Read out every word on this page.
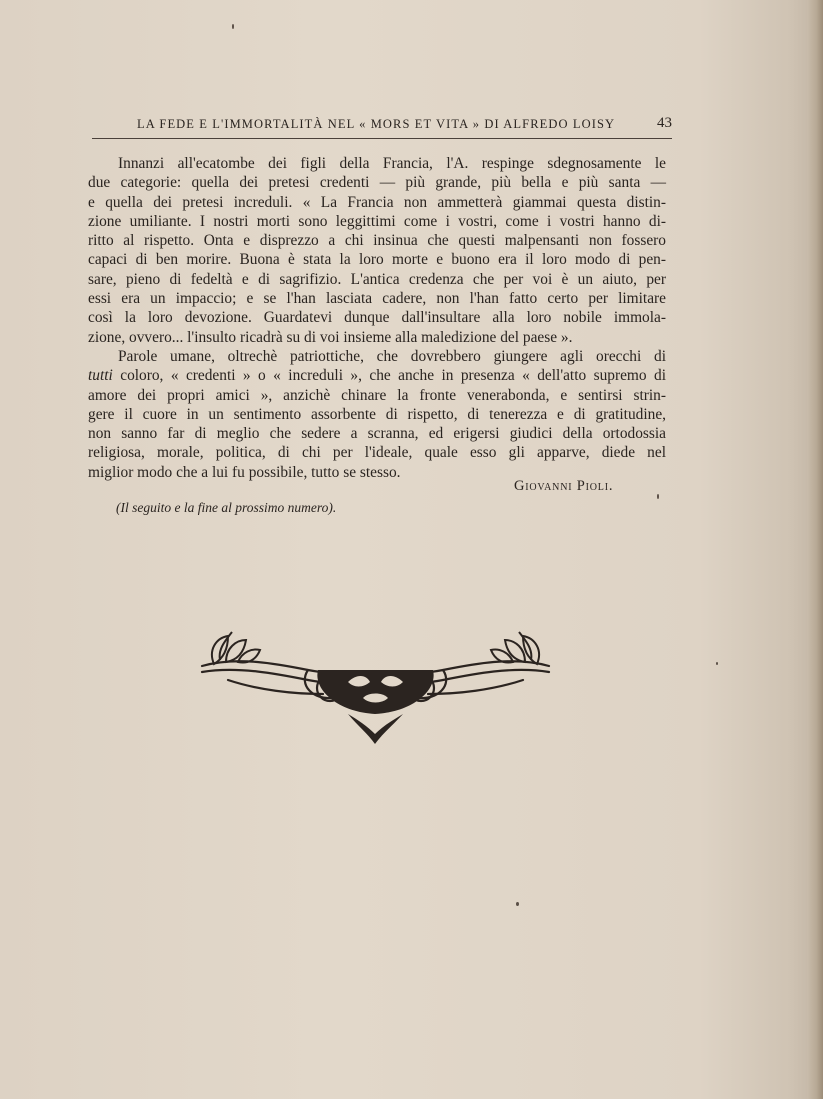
LA FEDE E L'IMMORTALITÀ NEL « MORS ET VITA » DI ALFREDO LOISY	43

Innanzi all'ecatombe dei figli della Francia, l'A. respinge sdegnosamente le
due categorie: quella dei pretesi credenti — più grande, più bella e più santa —
e quella dei pretesi increduli. « La Francia non ammetterà giammai questa distin-
zione umiliante. I nostri morti sono leggittimi come i vostri, come i vostri hanno di-
ritto al rispetto. Onta e disprezzo a chi insinua che questi malpensanti non fossero
capaci di ben morire. Buona è stata la loro morte e buono era il loro modo di pen-
sare, pieno di fedeltà e di sagrifizio. L'antica credenza che per voi è un aiuto, per
essi era un impaccio; e se l'han lasciata cadere, non l'han fatto certo per limitare
così la loro devozione. Guardatevi dunque dall'insultare alla loro nobile immola-
zione, ovvero... l'insulto ricadrà su di voi insieme alla maledizione del paese ».

Parole umane, oltrechè patriottiche, che dovrebbero giungere agli orecchi di
tutti coloro, « credenti » o « increduli », che anche in presenza « dell'atto supremo di
amore dei propri amici », anzichè chinare la fronte venerabonda, e sentirsi strin-
gere il cuore in un sentimento assorbente di rispetto, di tenerezza e di gratitudine,
non sanno far di meglio che sedere a scranna, ed erigersi giudici della ortodossia
religiosa, morale, politica, di chi per l'ideale, quale esso gli apparve, diede nel
miglior modo che a lui fu possibile, tutto se stesso.

Giovanni Pioli.
(Il seguito e la fine al prossimo numero).
